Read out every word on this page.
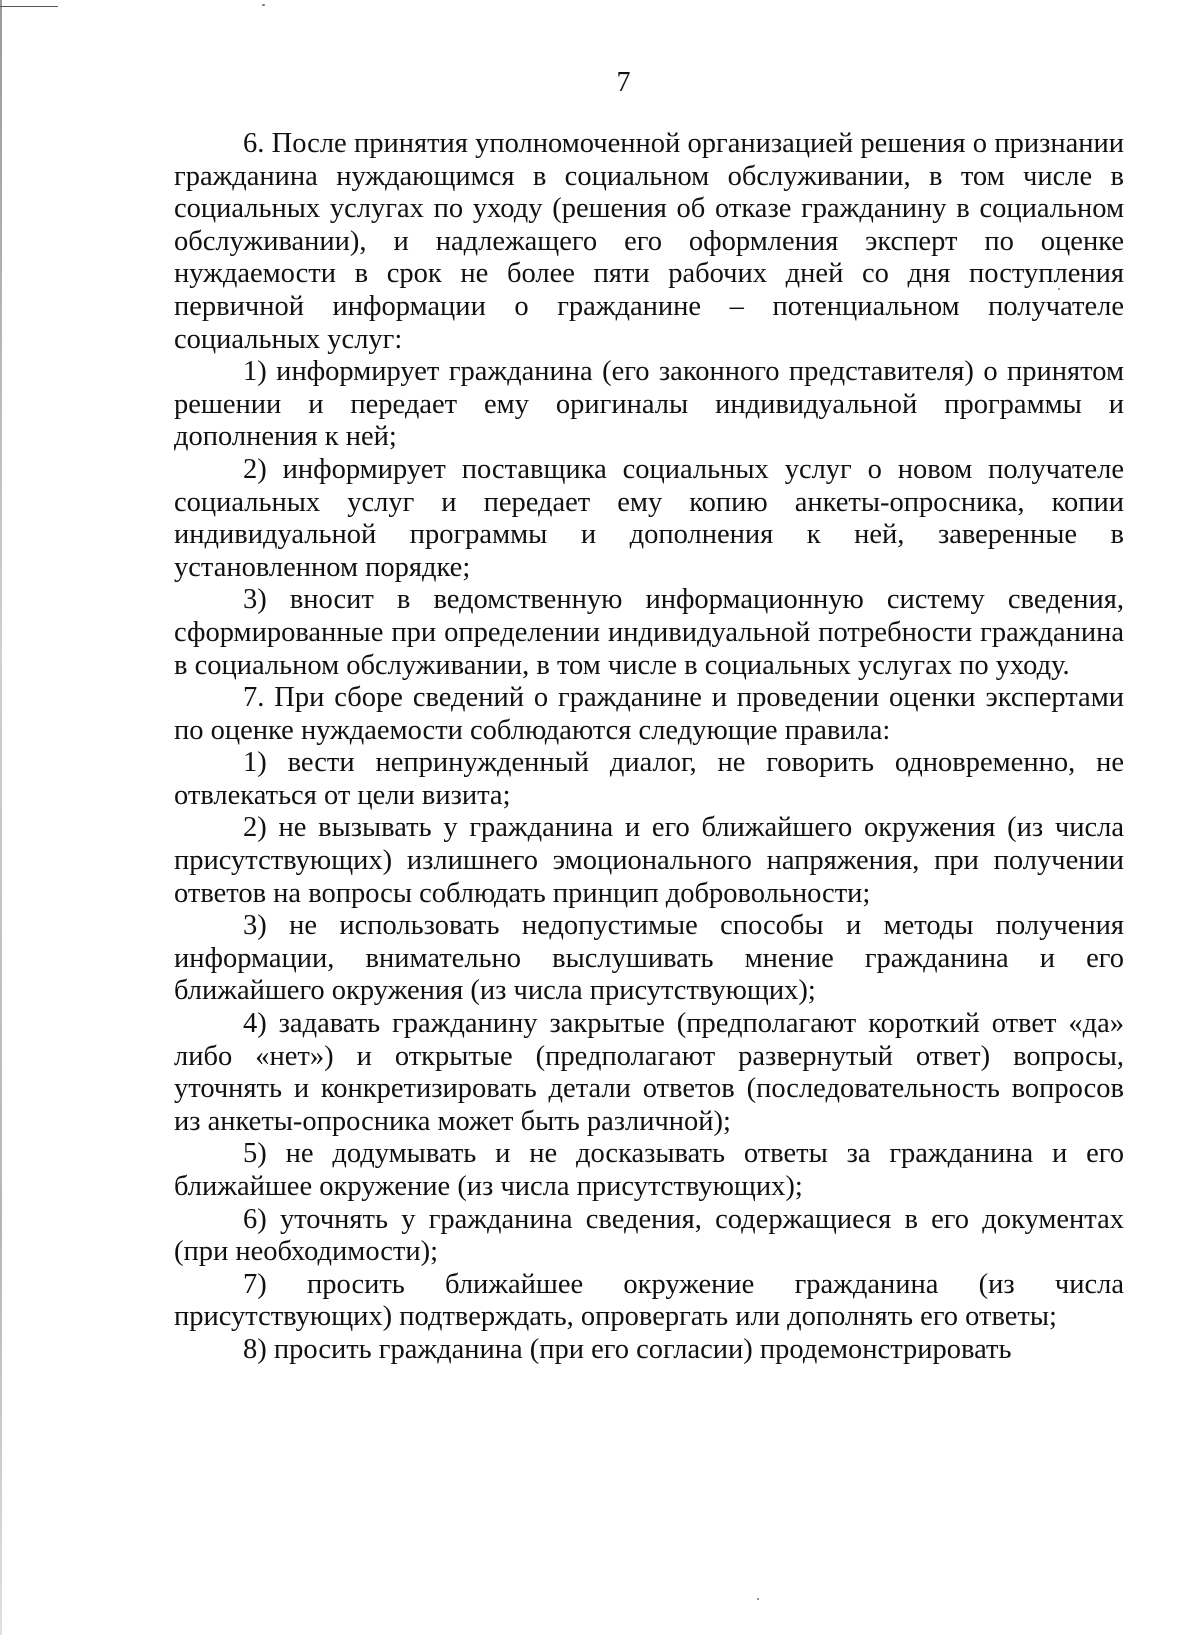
7

6. После принятия уполномоченной организацией решения о признании гражданина нуждающимся в социальном обслуживании, в том числе в социальных услугах по уходу (решения об отказе гражданину в социальном обслуживании), и надлежащего его оформления эксперт по оценке нуждаемости в срок не более пяти рабочих дней со дня поступления первичной информации о гражданине – потенциальном получателе социальных услуг:

1) информирует гражданина (его законного представителя) о принятом решении и передает ему оригиналы индивидуальной программы и дополнения к ней;

2) информирует поставщика социальных услуг о новом получателе социальных услуг и передает ему копию анкеты-опросника, копии индивидуальной программы и дополнения к ней, заверенные в установленном порядке;

3) вносит в ведомственную информационную систему сведения, сформированные при определении индивидуальной потребности гражданина в социальном обслуживании, в том числе в социальных услугах по уходу.

7. При сборе сведений о гражданине и проведении оценки экспертами по оценке нуждаемости соблюдаются следующие правила:

1) вести непринужденный диалог, не говорить одновременно, не отвлекаться от цели визита;

2) не вызывать у гражданина и его ближайшего окружения (из числа присутствующих) излишнего эмоционального напряжения, при получении ответов на вопросы соблюдать принцип добровольности;

3) не использовать недопустимые способы и методы получения информации, внимательно выслушивать мнение гражданина и его ближайшего окружения (из числа присутствующих);

4) задавать гражданину закрытые (предполагают короткий ответ «да» либо «нет») и открытые (предполагают развернутый ответ) вопросы, уточнять и конкретизировать детали ответов (последовательность вопросов из анкеты-опросника может быть различной);

5) не додумывать и не досказывать ответы за гражданина и его ближайшее окружение (из числа присутствующих);

6) уточнять у гражданина сведения, содержащиеся в его документах (при необходимости);

7) просить ближайшее окружение гражданина (из числа присутствующих) подтверждать, опровергать или дополнять его ответы;

8) просить гражданина (при его согласии) продемонстрировать
